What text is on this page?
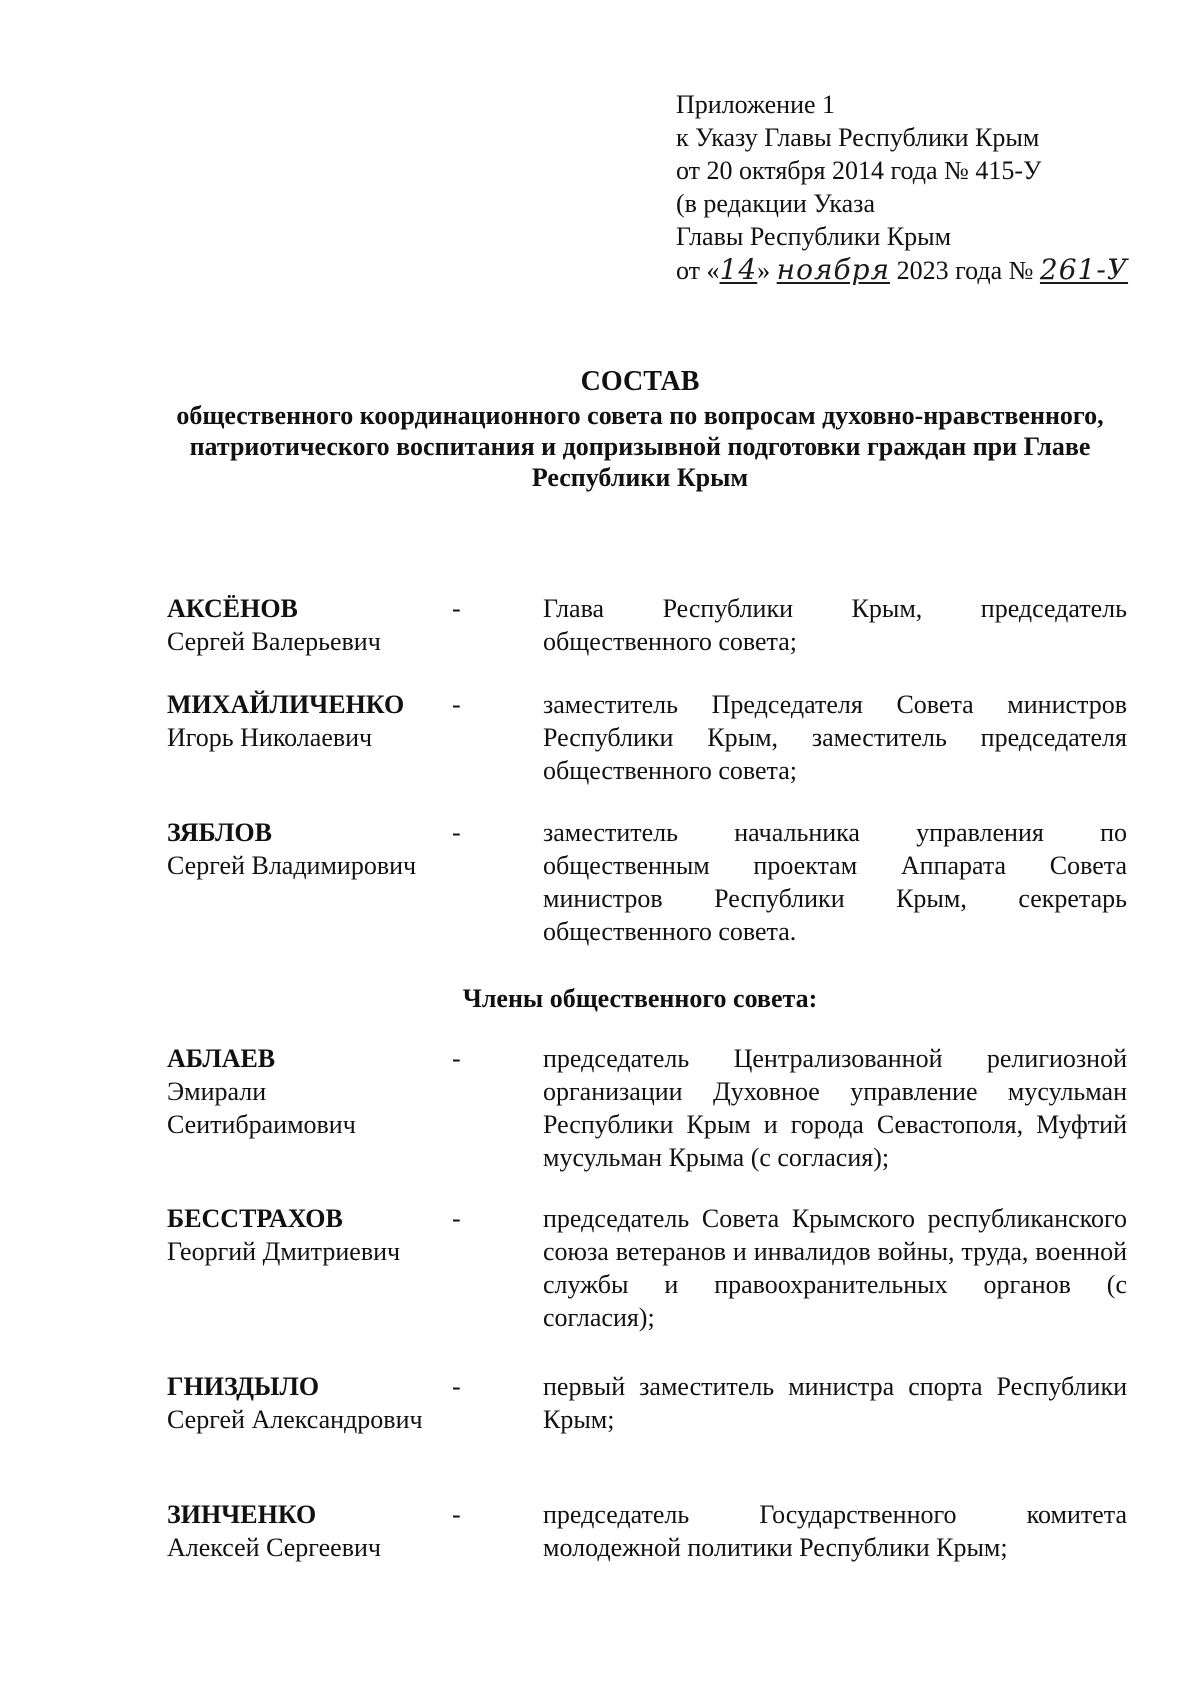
Приложение 1
к Указу Главы Республики Крым
от 20 октября 2014 года № 415-У
(в редакции Указа
Главы Республики Крым
от «14» ноября 2023 года № 261-У
СОСТАВ
общественного координационного совета по вопросам духовно-нравственного, патриотического воспитания и допризывной подготовки граждан при Главе Республики Крым
АКСЁНОВ
Сергей Валерьевич
-	Глава Республики Крым, председатель общественного совета;
МИХАЙЛИЧЕНКО
Игорь Николаевич
-	заместитель Председателя Совета министров Республики Крым, заместитель председателя общественного совета;
ЗЯБЛОВ
Сергей Владимирович
-	заместитель начальника управления по общественным проектам Аппарата Совета министров Республики Крым, секретарь общественного совета.
Члены общественного совета:
АБЛАЕВ
Эмирали Сеитибраимович
-	председатель Централизованной религиозной организации Духовное управление мусульман Республики Крым и города Севастополя, Муфтий мусульман Крыма (с согласия);
БЕССТРАХОВ
Георгий Дмитриевич
-	председатель Совета Крымского республиканского союза ветеранов и инвалидов войны, труда, военной службы и правоохранительных органов (с согласия);
ГНИЗДЫЛО
Сергей Александрович
-	первый заместитель министра спорта Республики Крым;
ЗИНЧЕНКО
Алексей Сергеевич
-	председатель Государственного комитета молодежной политики Республики Крым;
